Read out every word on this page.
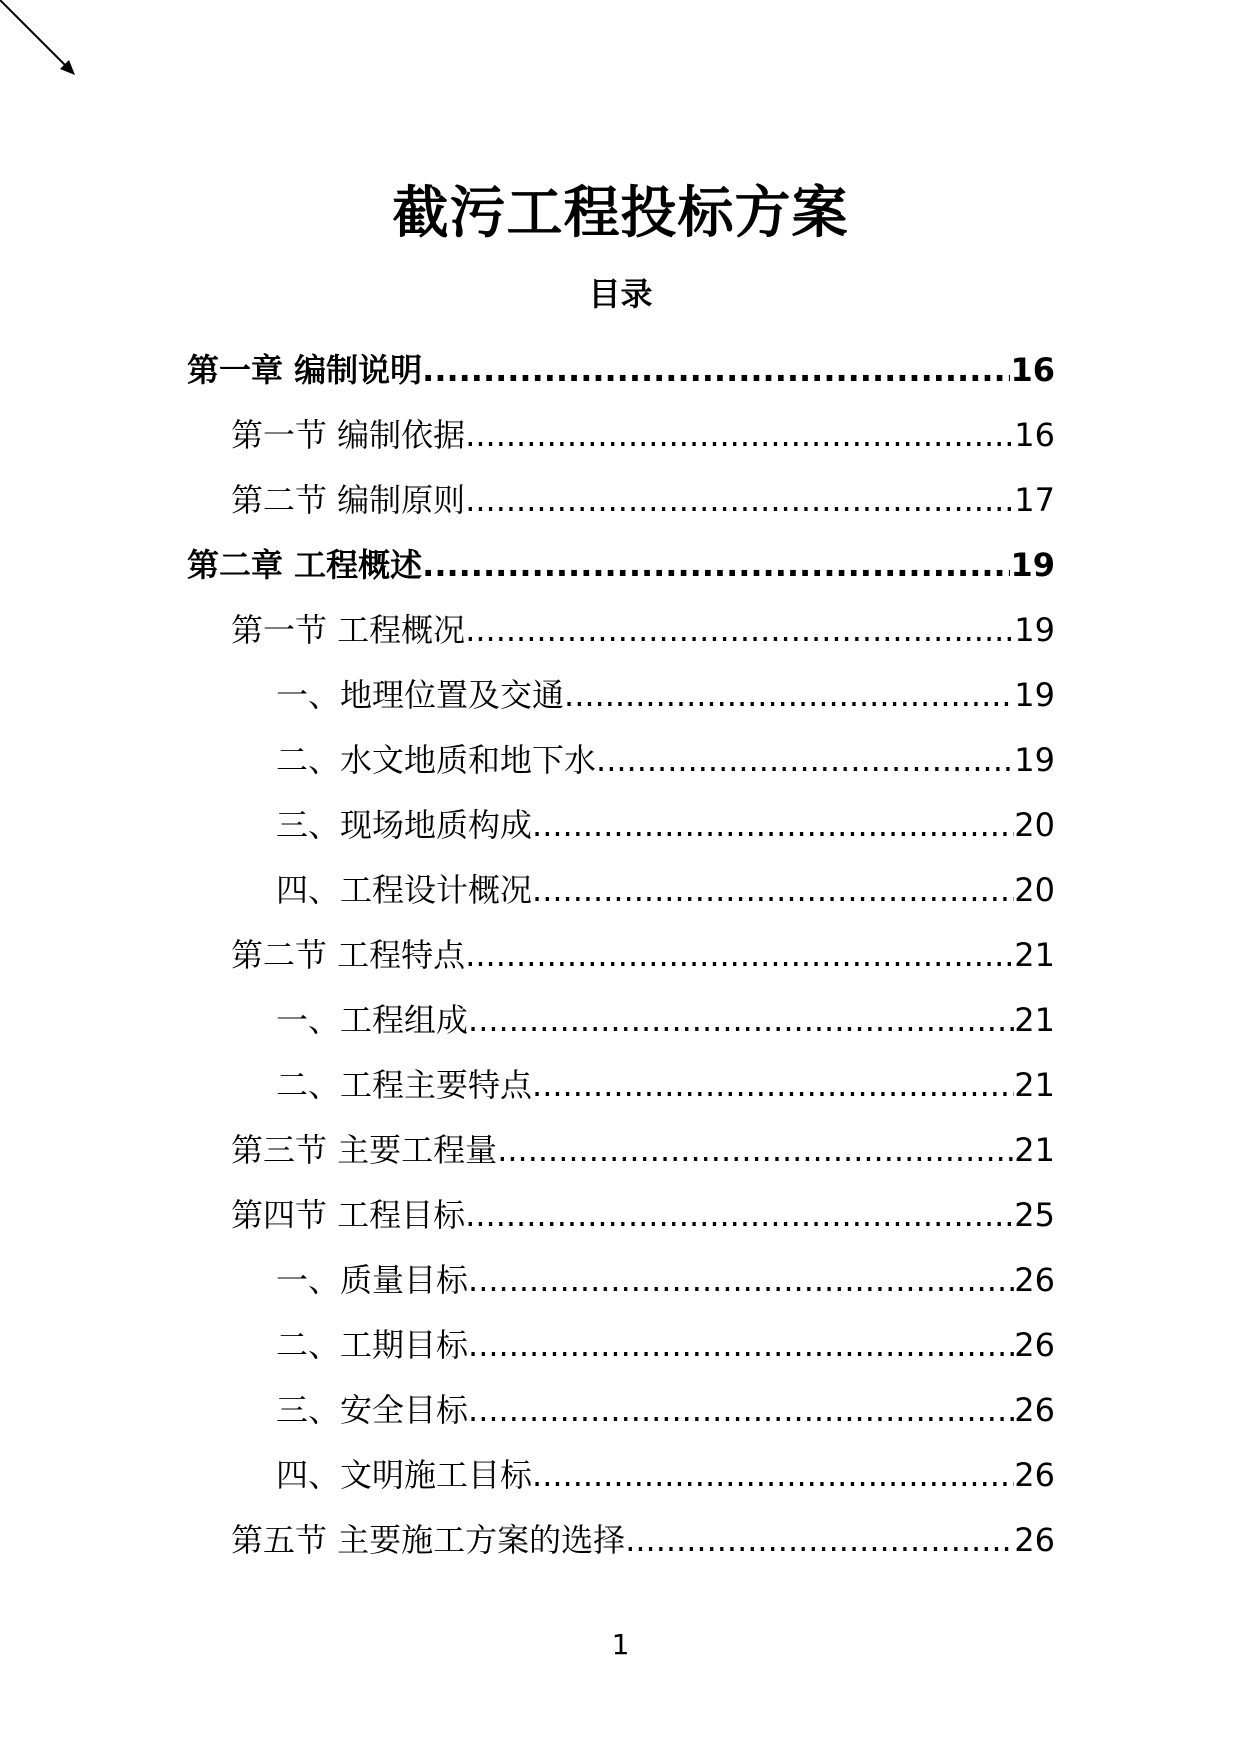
截污工程投标方案
目录
第一章 编制说明 .....	16
第一节 编制依据 .....	16
第二节 编制原则 .....	17
第二章 工程概述 .....	19
第一节 工程概况 .....	19
一、地理位置及交通 .....	19
二、水文地质和地下水 .....	19
三、现场地质构成 .....	20
四、工程设计概况 .....	20
第二节 工程特点 .....	21
一、工程组成 .....	21
二、工程主要特点 .....	21
第三节 主要工程量 .....	21
第四节 工程目标 .....	25
一、质量目标 .....	26
二、工期目标 .....	26
三、安全目标 .....	26
四、文明施工目标 .....	26
第五节 主要施工方案的选择 .....	26
1
